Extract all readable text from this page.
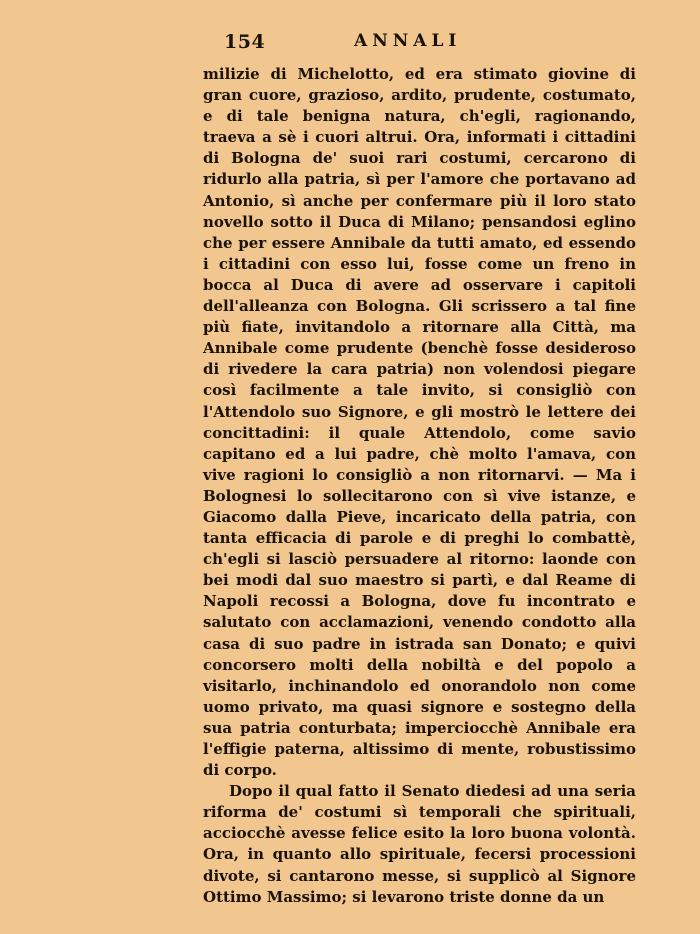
154	ANNALI

milizie di Michelotto, ed era stimato giovine di gran cuore, grazioso, ardito, prudente, costumato, e di tale benigna natura, ch'egli, ragionando, traeva a sè i cuori altrui. Ora, informati i cittadini di Bologna de' suoi rari costumi, cercarono di ridurlo alla patria, sì per l'amore che portavano ad Antonio, sì anche per confermare più il loro stato novello sotto il Duca di Milano; pensandosi eglino che per essere Annibale da tutti amato, ed essendo i cittadini con esso lui, fosse come un freno in bocca al Duca di avere ad osservare i capitoli dell'alleanza con Bologna. Gli scrissero a tal fine più fiate, invitandolo a ritornare alla Città, ma Annibale come prudente (benchè fosse desideroso di rivedere la cara patria) non volendosi piegare così facilmente a tale invito, si consigliò con l'Attendolo suo Signore, e gli mostrò le lettere dei concittadini: il quale Attendolo, come savio capitano ed a lui padre, chè molto l'amava, con vive ragioni lo consigliò a non ritornarvi. — Ma i Bolognesi lo sollecitarono con sì vive istanze, e Giacomo dalla Pieve, incaricato della patria, con tanta efficacia di parole e di preghi lo combattè, ch'egli si lasciò persuadere al ritorno: laonde con bei modi dal suo maestro si partì, e dal Reame di Napoli recossi a Bologna, dove fu incontrato e salutato con acclamazioni, venendo condotto alla casa di suo padre in istrada san Donato; e quivi concorsero molti della nobiltà e del popolo a visitarlo, inchinandolo ed onorandolo non come uomo privato, ma quasi signore e sostegno della sua patria conturbata; imperciocchè Annibale era l'effigie paterna, altissimo di mente, robustissimo di corpo.

Dopo il qual fatto il Senato diedesi ad una seria riforma de' costumi sì temporali che spirituali, acciocchè avesse felice esito la loro buona volontà. Ora, in quanto allo spirituale, fecersi processioni divote, si cantarono messe, si supplicò al Signore Ottimo Massimo; si levarono triste donne da un
